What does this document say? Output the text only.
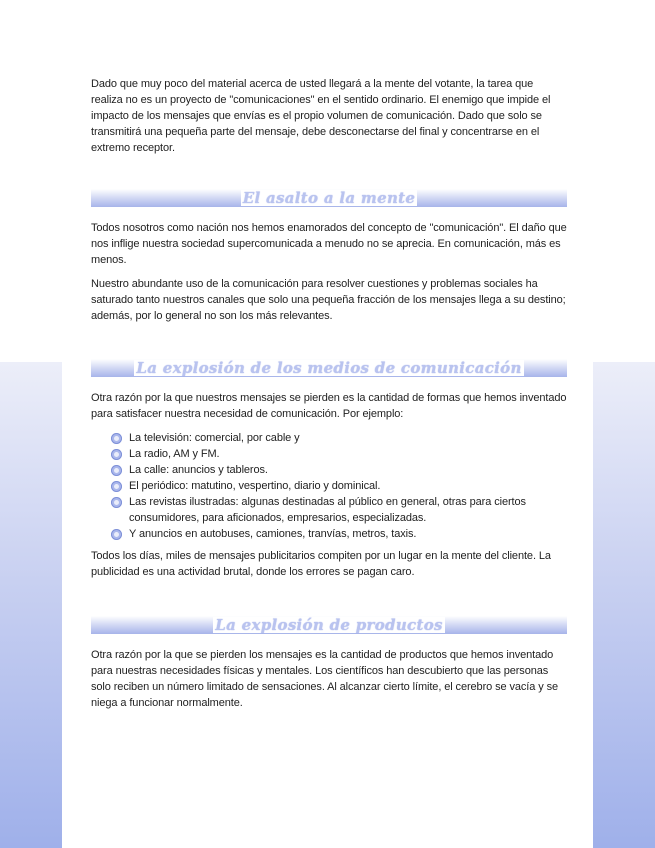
Dado que muy poco del material acerca de usted llegará a la mente del votante, la tarea que realiza no es un proyecto de "comunicaciones" en el sentido ordinario. El enemigo que impide el impacto de los mensajes que envías es el propio volumen de comunicación. Dado que solo se transmitirá una pequeña parte del mensaje, debe desconectarse del final y concentrarse en el extremo receptor.

El asalto a la mente

Todos nosotros como nación nos hemos enamorados del concepto de "comunicación". El daño que nos inflige nuestra sociedad supercomunicada a menudo no se aprecia. En comunicación, más es menos.

Nuestro abundante uso de la comunicación para resolver cuestiones y problemas sociales ha saturado tanto nuestros canales que solo una pequeña fracción de los mensajes llega a su destino; además, por lo general no son los más relevantes.

La explosión de los medios de comunicación

Otra razón por la que nuestros mensajes se pierden es la cantidad de formas que hemos inventado para satisfacer nuestra necesidad de comunicación. Por ejemplo:

La televisión: comercial, por cable y
La radio, AM y FM.
La calle: anuncios y tableros.
El periódico: matutino, vespertino, diario y dominical.
Las revistas ilustradas: algunas destinadas al público en general, otras para ciertos consumidores, para aficionados, empresarios, especializadas.
Y anuncios en autobuses, camiones, tranvías, metros, taxis.

Todos los días, miles de mensajes publicitarios compiten por un lugar en la mente del cliente. La publicidad es una actividad brutal, donde los errores se pagan caro.

La explosión de productos

Otra razón por la que se pierden los mensajes es la cantidad de productos que hemos inventado para nuestras necesidades físicas y mentales. Los científicos han descubierto que las personas solo reciben un número limitado de sensaciones. Al alcanzar cierto límite, el cerebro se vacía y se niega a funcionar normalmente.
